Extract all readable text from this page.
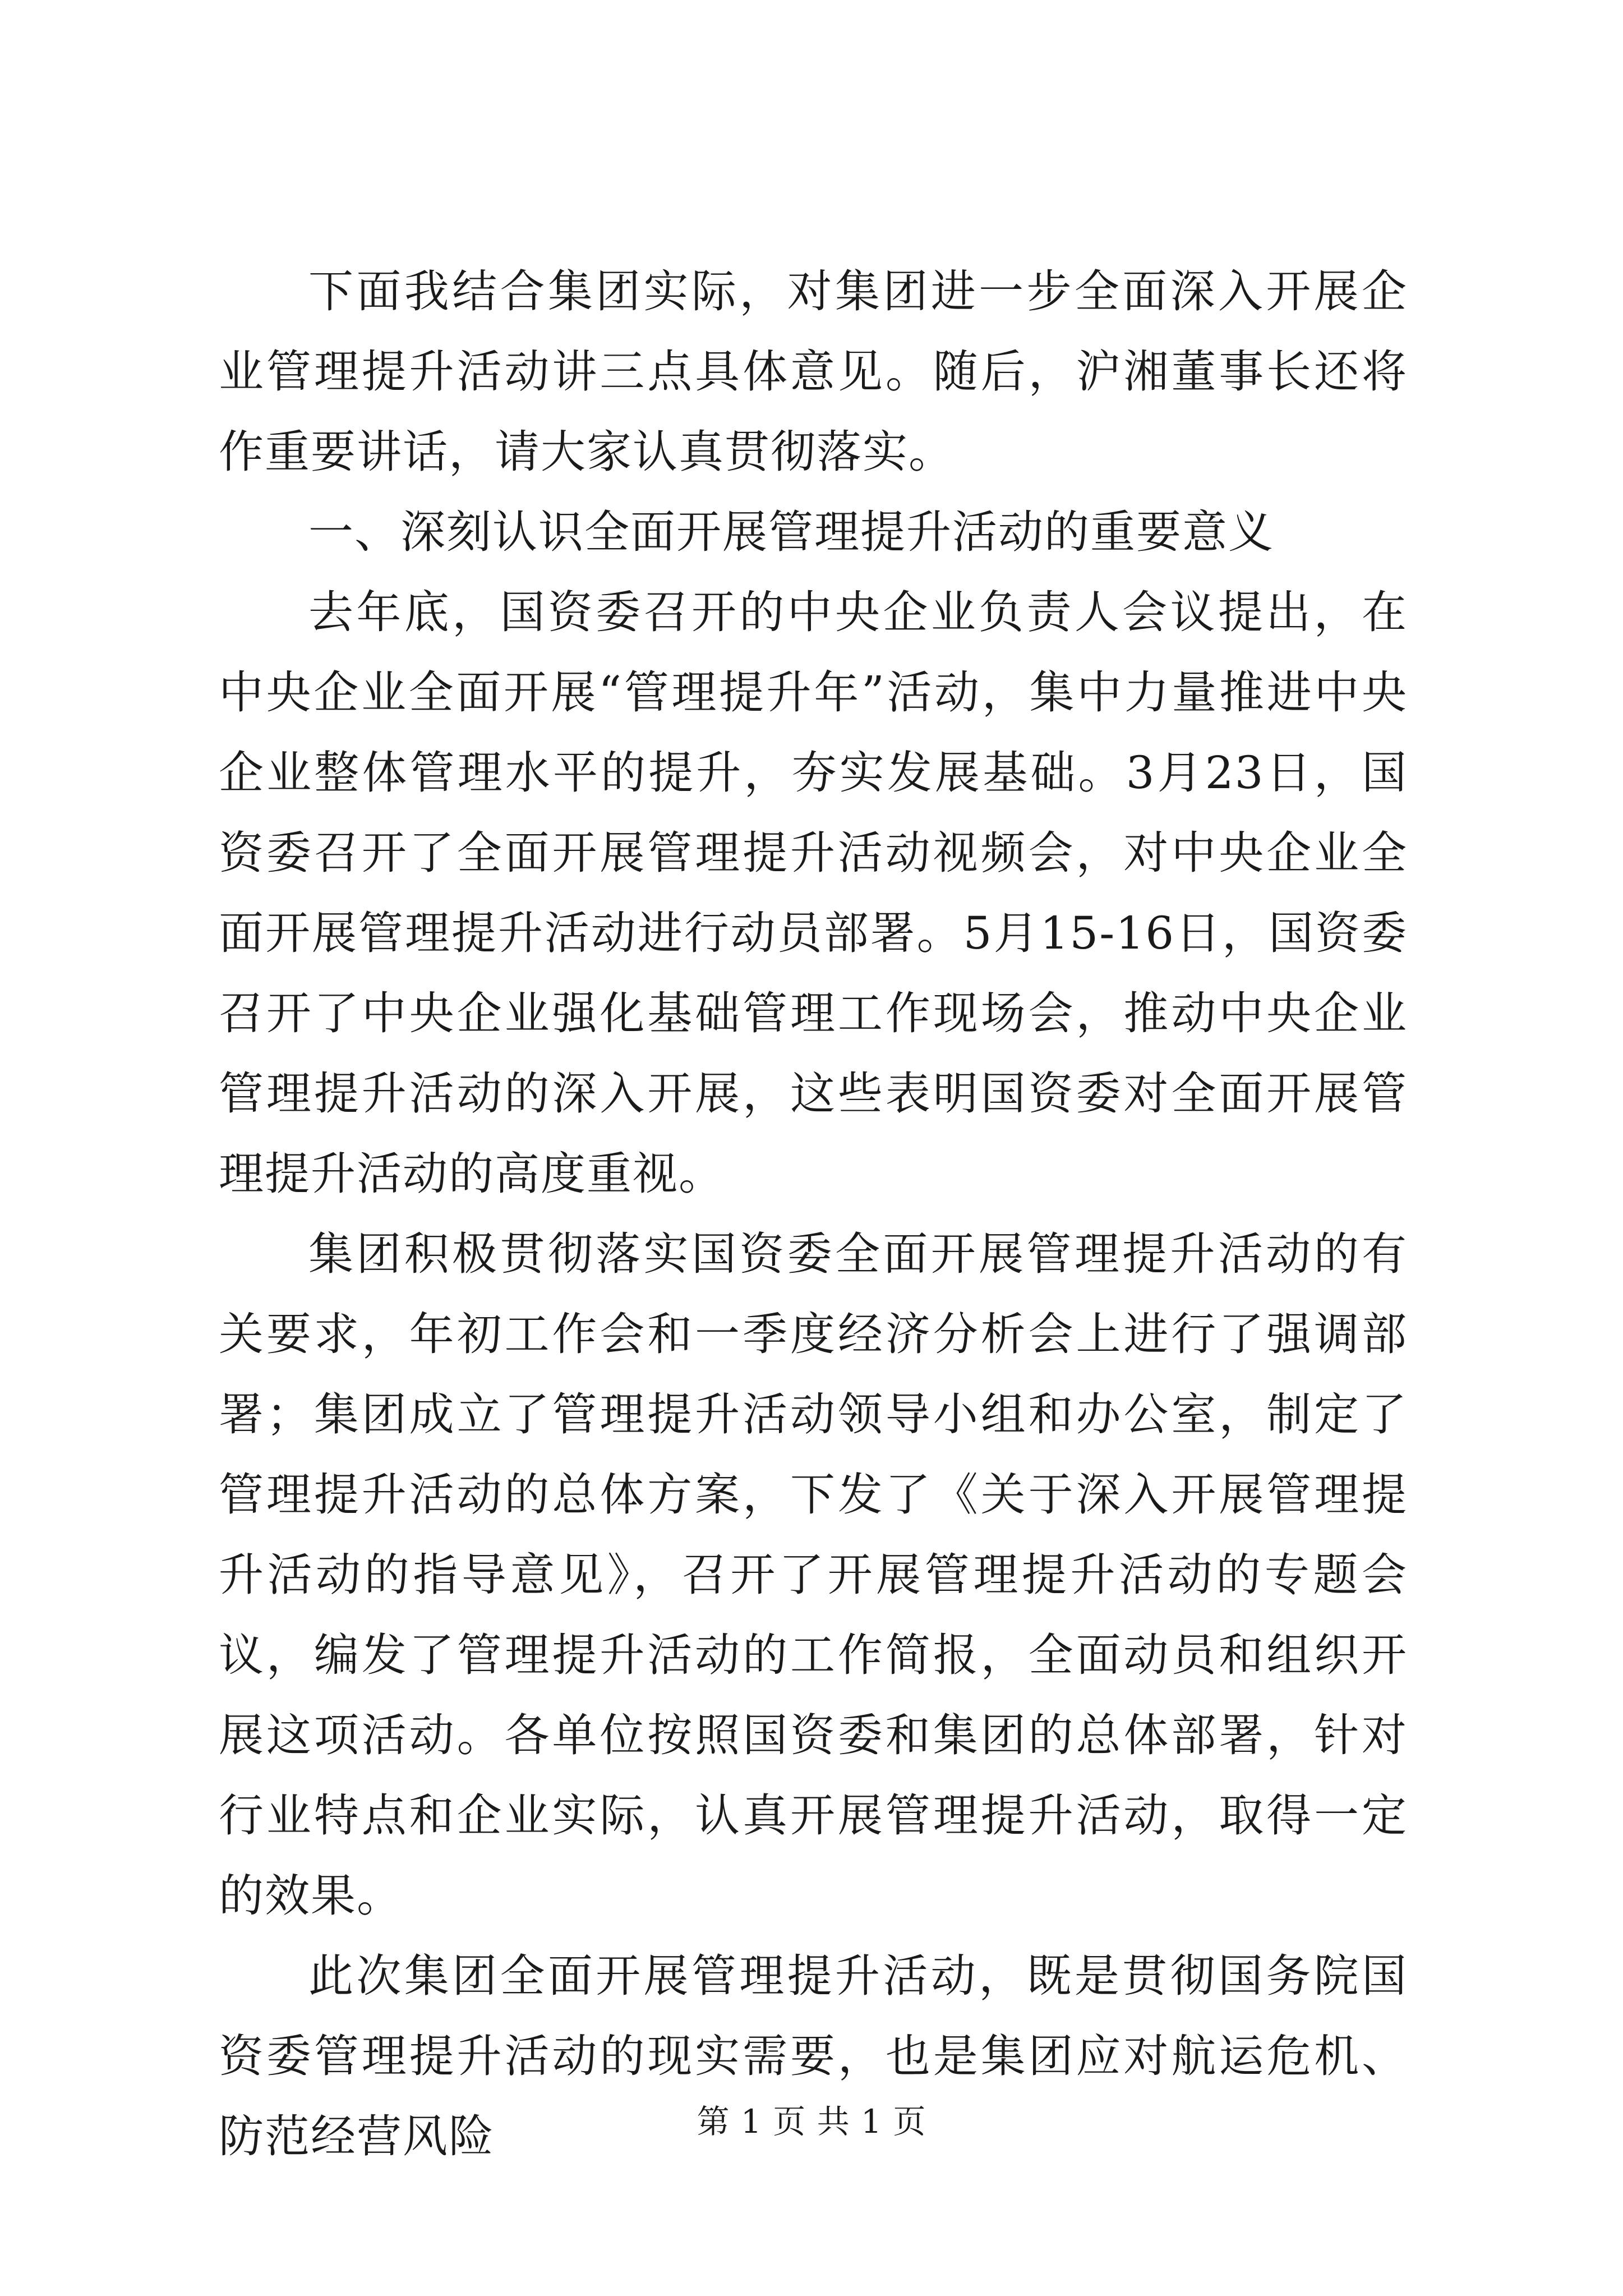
下面我结合集团实际，对集团进一步全面深入开展企业管理提升活动讲三点具体意见。随后，沪湘董事长还将作重要讲话，请大家认真贯彻落实。

一、深刻认识全面开展管理提升活动的重要意义

去年底，国资委召开的中央企业负责人会议提出，在中央企业全面开展“管理提升年”活动，集中力量推进中央企业整体管理水平的提升，夯实发展基础。3月23日，国资委召开了全面开展管理提升活动视频会，对中央企业全面开展管理提升活动进行动员部署。5月15-16日，国资委召开了中央企业强化基础管理工作现场会，推动中央企业管理提升活动的深入开展，这些表明国资委对全面开展管理提升活动的高度重视。

集团积极贯彻落实国资委全面开展管理提升活动的有关要求，年初工作会和一季度经济分析会上进行了强调部署；集团成立了管理提升活动领导小组和办公室，制定了管理提升活动的总体方案，下发了《关于深入开展管理提升活动的指导意见》，召开了开展管理提升活动的专题会议，编发了管理提升活动的工作简报，全面动员和组织开展这项活动。各单位按照国资委和集团的总体部署，针对行业特点和企业实际，认真开展管理提升活动，取得一定的效果。

此次集团全面开展管理提升活动，既是贯彻国务院国资委管理提升活动的现实需要，也是集团应对航运危机、防范经营风险	第 1 页 共 1 页
